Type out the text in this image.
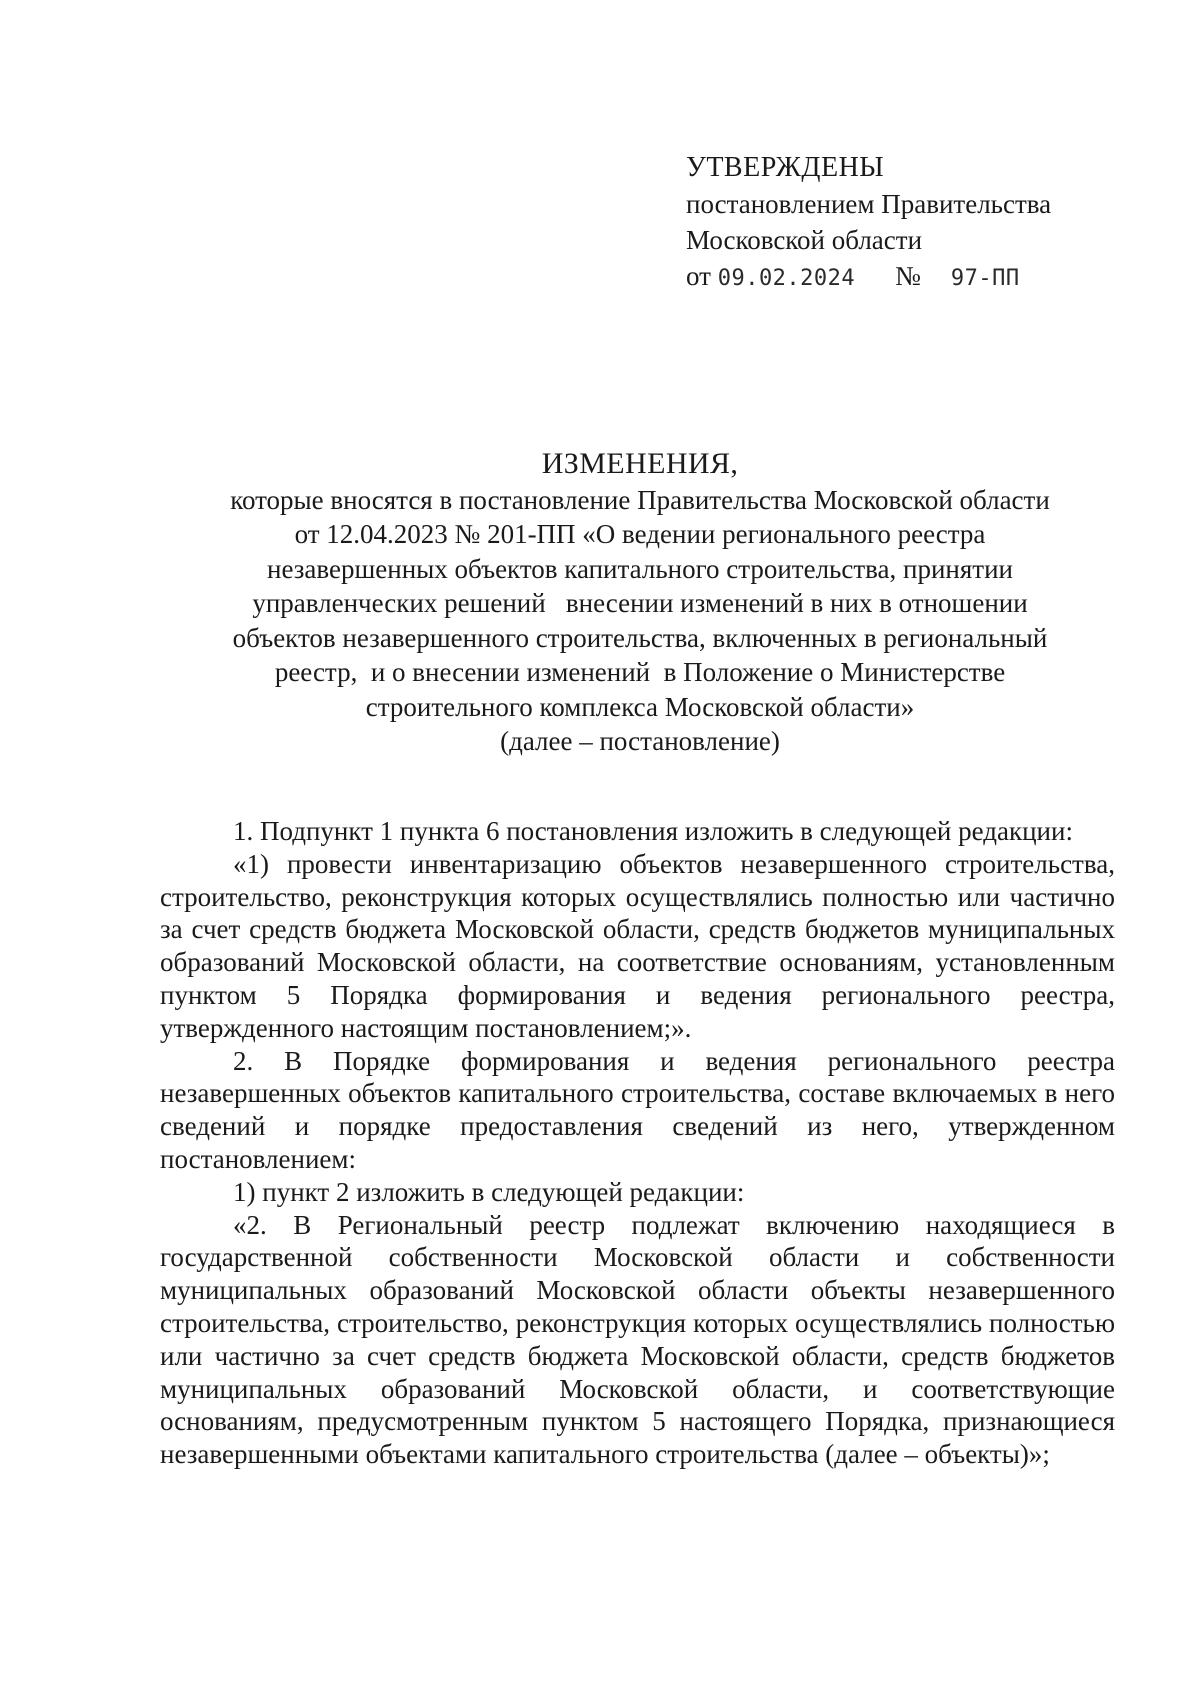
УТВЕРЖДЕНЫ
постановлением Правительства
Московской области
от 09.02.2024 № 97-ПП
ИЗМЕНЕНИЯ,
которые вносятся в постановление Правительства Московской области
от 12.04.2023 № 201-ПП «О ведении регионального реестра
незавершенных объектов капитального строительства, принятии
управленческих решений   внесении изменений в них в отношении
объектов незавершенного строительства, включенных в региональный
реестр,  и о внесении изменений  в Положение о Министерстве
строительного комплекса Московской области»
(далее – постановление)

1. Подпункт 1 пункта 6 постановления изложить в следующей редакции:

«1) провести инвентаризацию объектов незавершенного строительства, строительство, реконструкция которых осуществлялись полностью или частично за счет средств бюджета Московской области, средств бюджетов муниципальных образований Московской области, на соответствие основаниям, установленным пунктом 5 Порядка формирования и ведения регионального реестра, утвержденного настоящим постановлением;».

2. В Порядке формирования и ведения регионального реестра незавершенных объектов капитального строительства, составе включаемых в него сведений и порядке предоставления сведений из него, утвержденном постановлением:

1) пункт 2 изложить в следующей редакции:

«2. В Региональный реестр подлежат включению находящиеся в государственной собственности Московской области и собственности муниципальных образований Московской области объекты незавершенного строительства, строительство, реконструкция которых осуществлялись полностью или частично за счет средств бюджета Московской области, средств бюджетов муниципальных образований Московской области, и соответствующие основаниям, предусмотренным пунктом 5 настоящего Порядка, признающиеся незавершенными объектами капитального строительства (далее – объекты)»;
